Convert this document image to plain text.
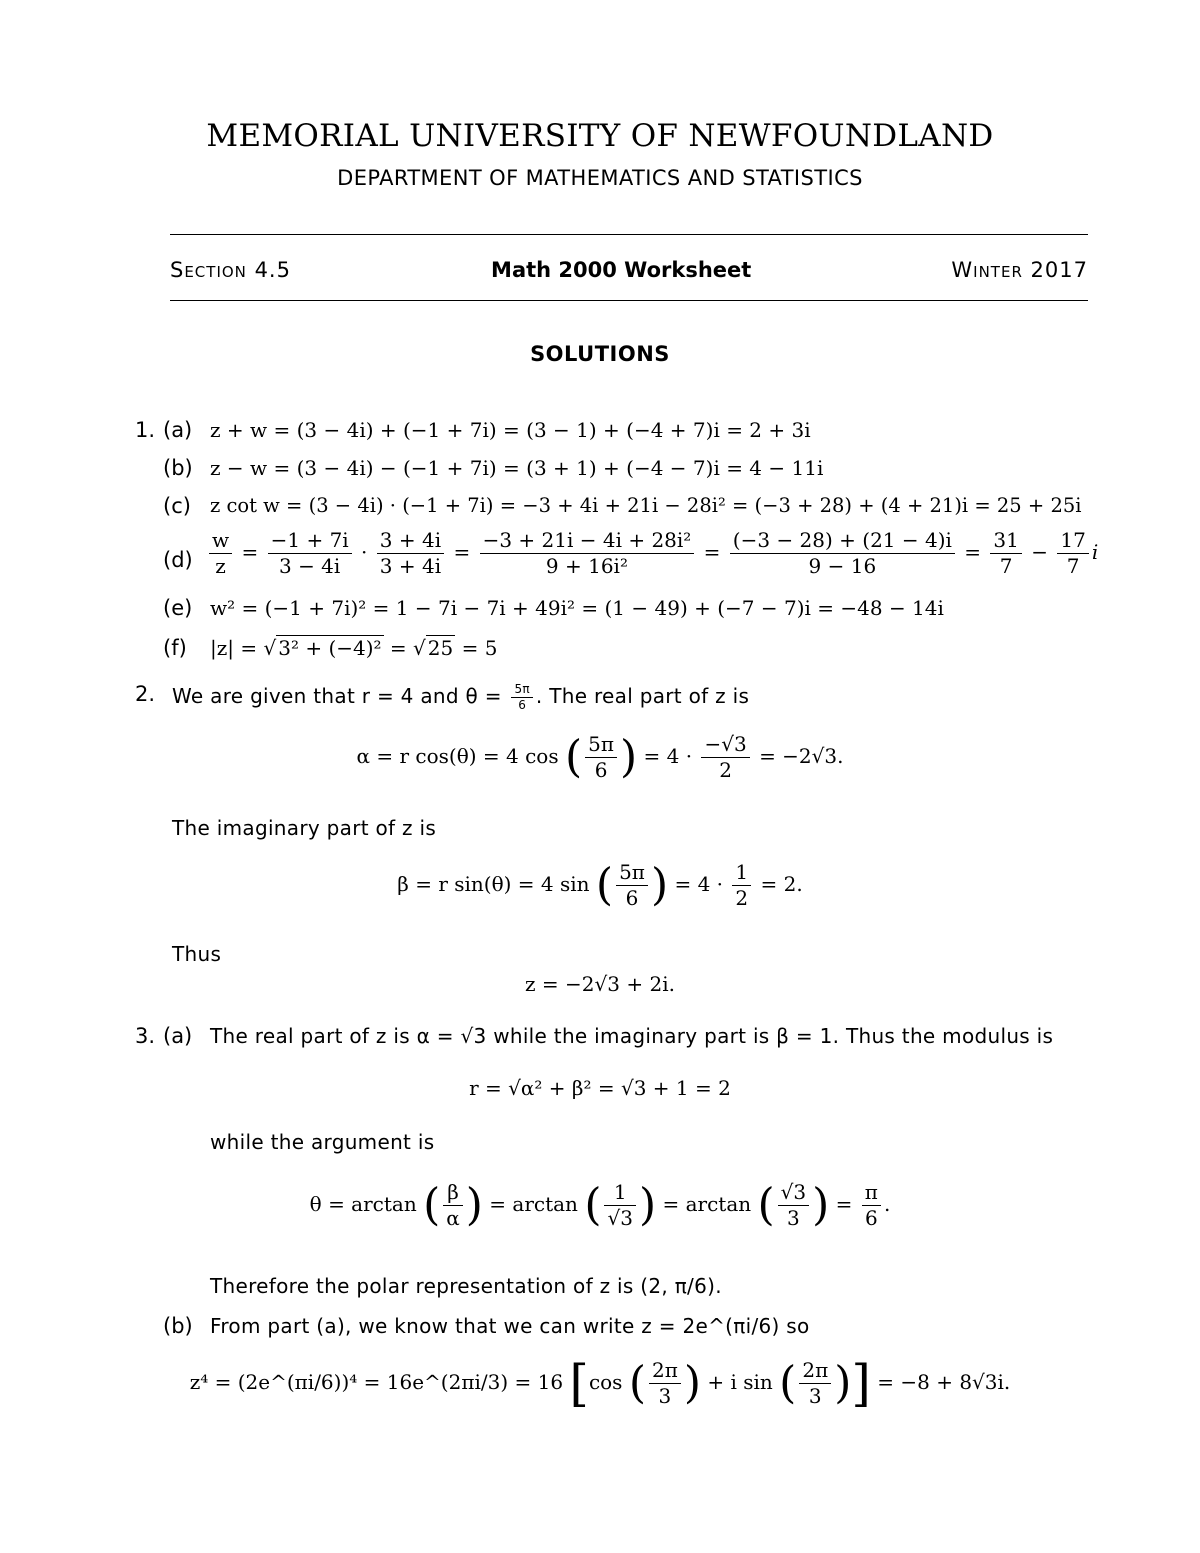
MEMORIAL UNIVERSITY OF NEWFOUNDLAND
DEPARTMENT OF MATHEMATICS AND STATISTICS
Section 4.5	Math 2000 Worksheet	Winter 2017
SOLUTIONS
1. (a) z + w = (3 − 4i) + (−1 + 7i) = (3 − 1) + (−4 + 7)i = 2 + 3i
(b) z − w = (3 − 4i) − (−1 + 7i) = (3 + 1) + (−4 − 7)i = 4 − 11i
(c) z cot w = (3 − 4i) · (−1 + 7i) = −3 + 4i + 21i − 28i² = (−3 + 28) + (4 + 21)i = 25 + 25i
$(d) \frac{w}{z} = \frac{-1 + 7i}{3 - 4i} \cdot \frac{3 + 4i}{3 + 4i} = \frac{\text{−3 + 21i − 4i + 28i²}}{\text{9 + 16i²}} = \frac{(-3 - 28) + (21 - 4)i}{9 - 16} = \frac{31}{7} - \frac{17}{7}$ i
(e) w² = (−1 + 7i)² = 1 − 7i − 7i + 49i² = (1 − 49) + (−7 − 7)i = −48 − 14i
(f) |z| = √ 3² + (−4)² = √ 25 = 5
2. We are given that r = 4 and $\theta = \frac{5\pi}{6}$ . The real part of z is
α = r cos(θ) = 4 cos ( $\frac{5\pi}{6}$ ) = $4 \cdot \frac{-√3}{2} = -2√3$.
The imaginary part of z is
β = r sin(θ) = 4 sin ( $\frac{5\pi}{6}$ ) = $4 \cdot \frac{1}{2} = 2$.
Thus
z = −2√3 + 2i.
3. (a) The real part of z is α = √3 while the imaginary part is β = 1. Thus the modulus is
r = √α² + β² = √3 + 1 = 2
while the argument is
θ = arctan ( $\frac{\beta}{\alpha}$ ) = arctan ( $\frac{1}{√3}$ ) = arctan ( $\frac{√3}{3}$ ) = $\frac{\pi}{6}$ .
Therefore the polar representation of z is (2, π/6).
(b) From part (a), we know that we can write z = 2e^(πi/6) so
z⁴ = (2e^(πi/6))⁴ = 16e^(2πi/3) = 16 [cos ( $\frac{2\pi}{3}$ ) + i sin ( $\frac{2\pi}{3}$ )] = −8 + 8√3i.
